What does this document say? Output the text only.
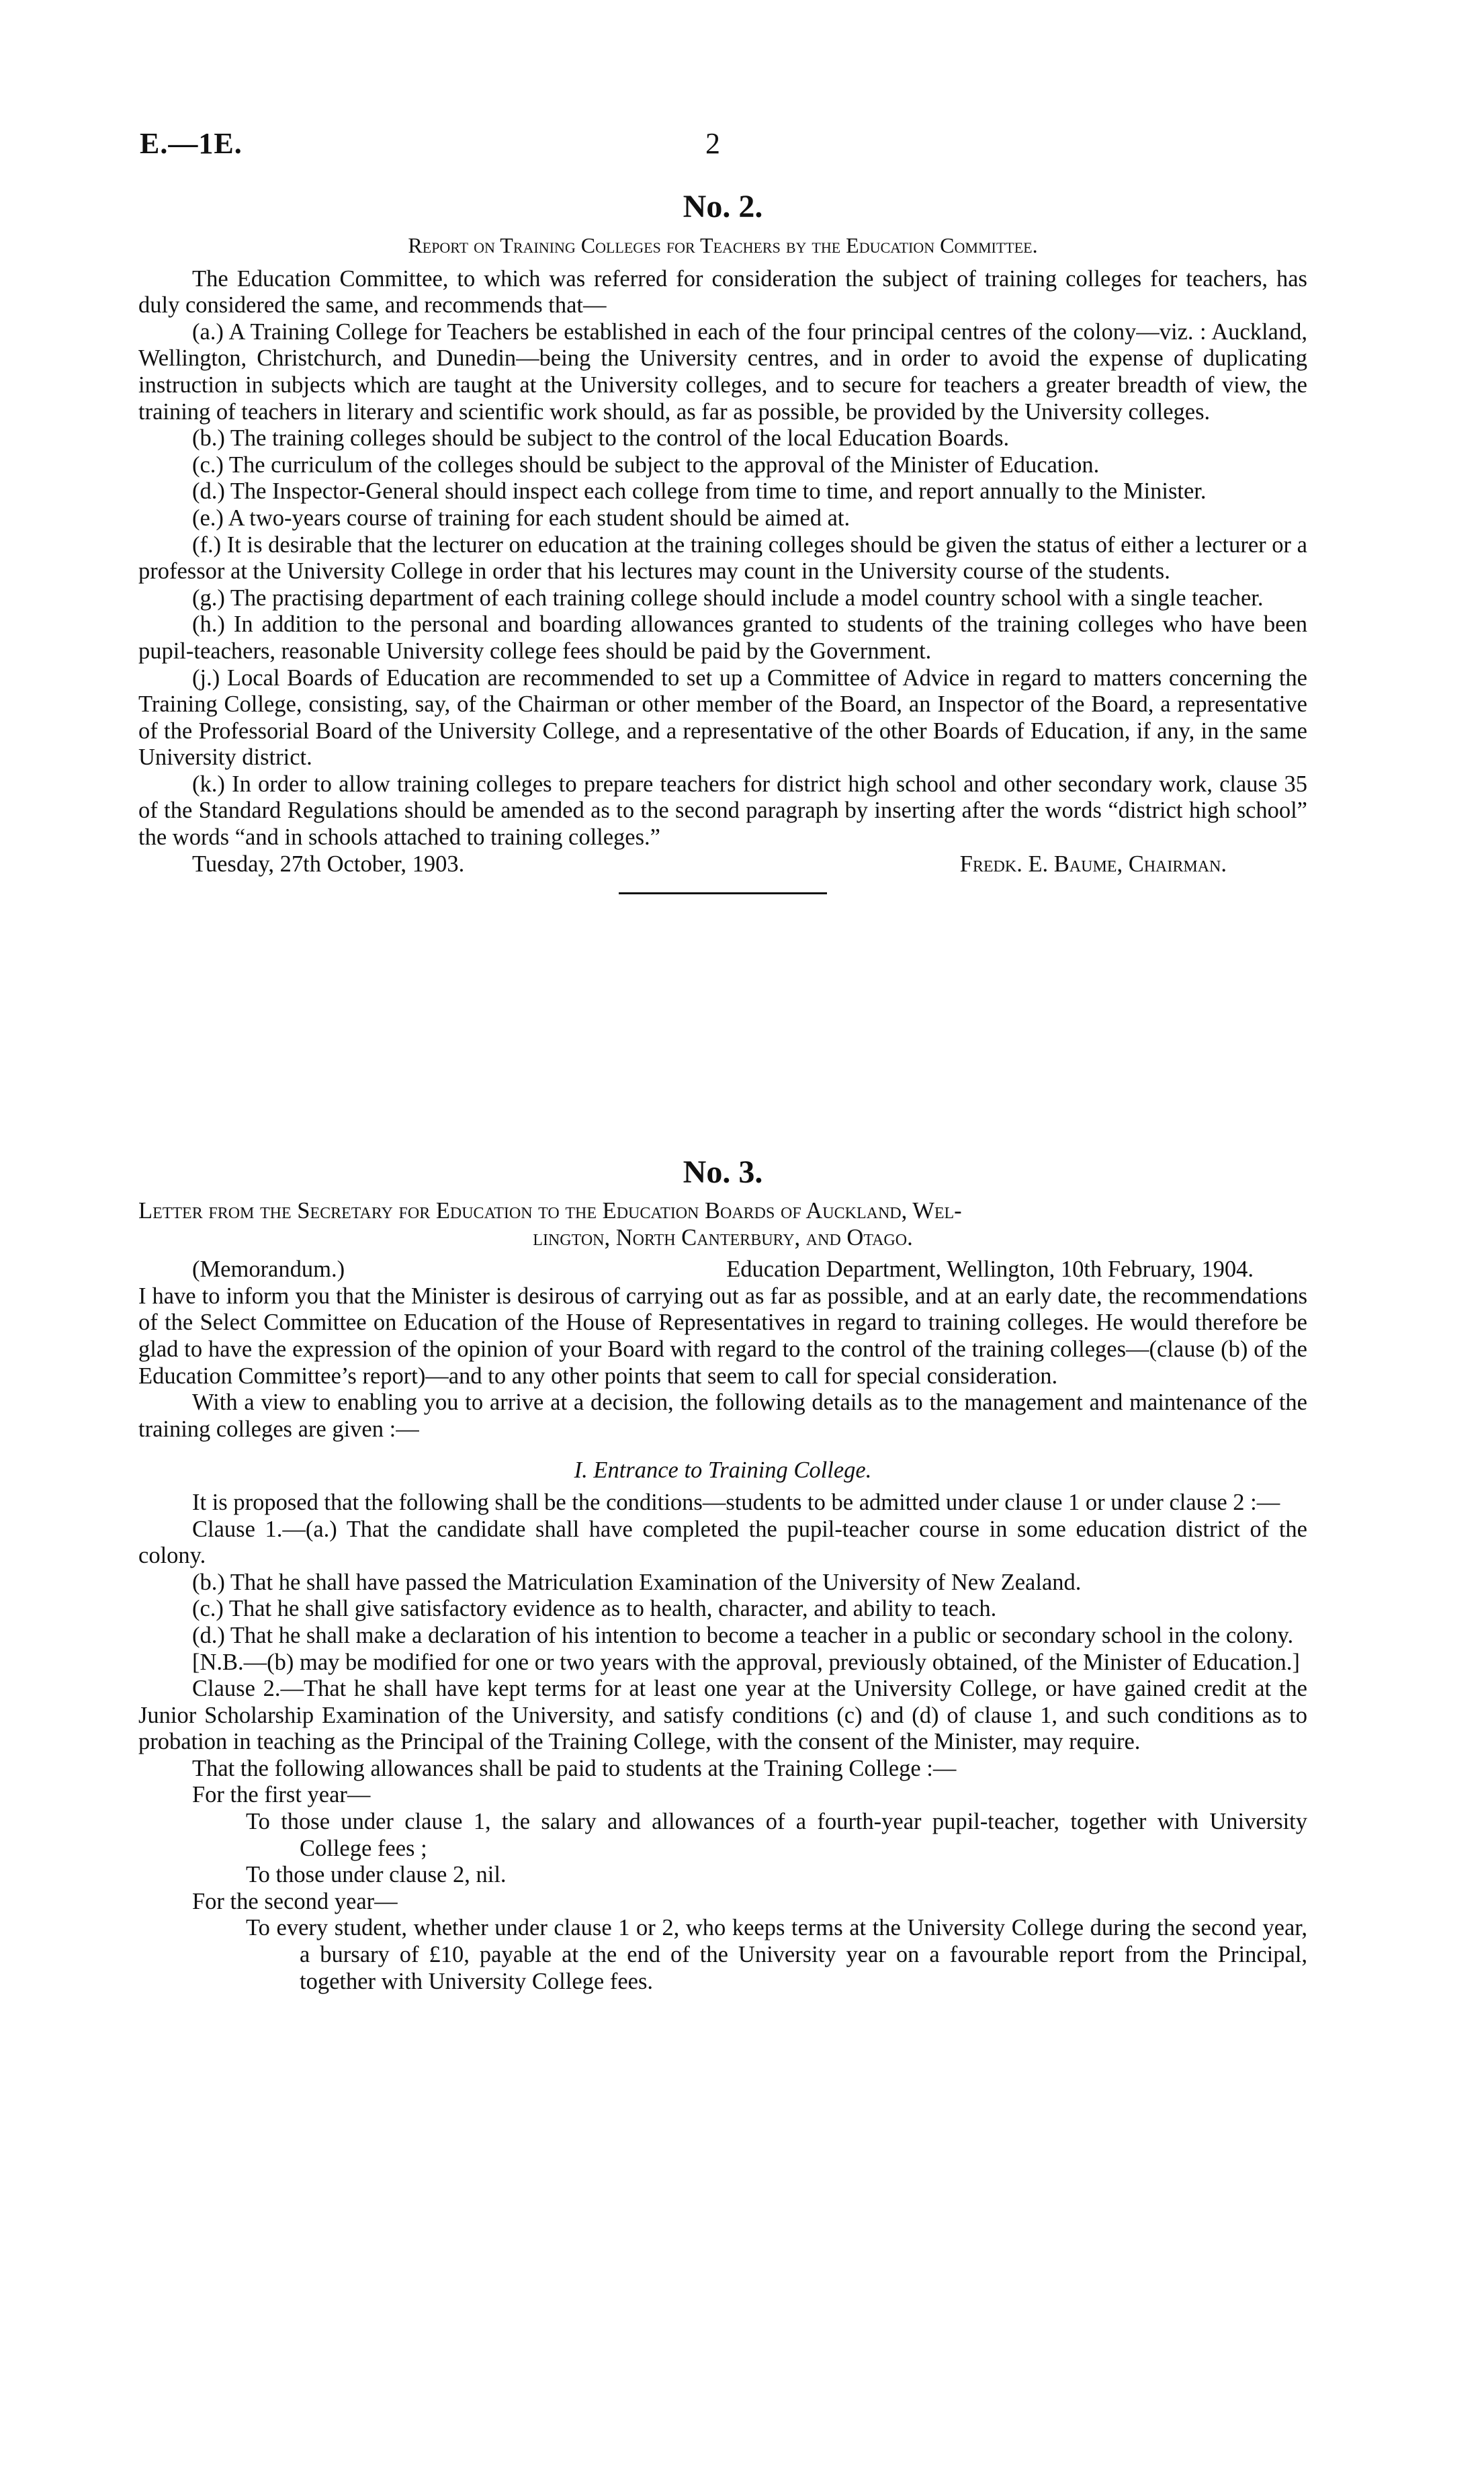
E.—1E.	2
No. 2.

Report on Training Colleges for Teachers by the Education Committee.

The Education Committee, to which was referred for consideration the subject of training colleges for teachers, has duly considered the same, and recommends that—

(a.) A Training College for Teachers be established in each of the four principal centres of the colony—viz. : Auckland, Wellington, Christchurch, and Dunedin—being the University centres, and in order to avoid the expense of duplicating instruction in subjects which are taught at the University colleges, and to secure for teachers a greater breadth of view, the training of teachers in literary and scientific work should, as far as possible, be provided by the University colleges.

(b.) The training colleges should be subject to the control of the local Education Boards.

(c.) The curriculum of the colleges should be subject to the approval of the Minister of Education.

(d.) The Inspector-General should inspect each college from time to time, and report annually to the Minister.

(e.) A two-years course of training for each student should be aimed at.

(f.) It is desirable that the lecturer on education at the training colleges should be given the status of either a lecturer or a professor at the University College in order that his lectures may count in the University course of the students.

(g.) The practising department of each training college should include a model country school with a single teacher.

(h.) In addition to the personal and boarding allowances granted to students of the training colleges who have been pupil-teachers, reasonable University college fees should be paid by the Government.

(j.) Local Boards of Education are recommended to set up a Committee of Advice in regard to matters concerning the Training College, consisting, say, of the Chairman or other member of the Board, an Inspector of the Board, a representative of the Professorial Board of the University College, and a representative of the other Boards of Education, if any, in the same University district.

(k.) In order to allow training colleges to prepare teachers for district high school and other secondary work, clause 35 of the Standard Regulations should be amended as to the second paragraph by inserting after the words “district high school” the words “and in schools attached to training colleges.”

Tuesday, 27th October, 1903.	Fredk. E. Baume, Chairman.

No. 3.

Letter from the Secretary for Education to the Education Boards of Auckland, Wel-

lington, North Canterbury, and Otago.

(Memorandum.)	Education Department, Wellington, 10th February, 1904.

I have to inform you that the Minister is desirous of carrying out as far as possible, and at an early date, the recommendations of the Select Committee on Education of the House of Representatives in regard to training colleges. He would therefore be glad to have the expression of the opinion of your Board with regard to the control of the training colleges—(clause (b) of the Education Committee’s report)—and to any other points that seem to call for special consideration.

With a view to enabling you to arrive at a decision, the following details as to the management and maintenance of the training colleges are given :—

I. Entrance to Training College.

It is proposed that the following shall be the conditions—students to be admitted under clause 1 or under clause 2 :—

Clause 1.—(a.) That the candidate shall have completed the pupil-teacher course in some education district of the colony.

(b.) That he shall have passed the Matriculation Examination of the University of New Zealand.

(c.) That he shall give satisfactory evidence as to health, character, and ability to teach.

(d.) That he shall make a declaration of his intention to become a teacher in a public or secondary school in the colony.

[N.B.—(b) may be modified for one or two years with the approval, previously obtained, of the Minister of Education.]

Clause 2.—That he shall have kept terms for at least one year at the University College, or have gained credit at the Junior Scholarship Examination of the University, and satisfy conditions (c) and (d) of clause 1, and such conditions as to probation in teaching as the Principal of the Training College, with the consent of the Minister, may require.

That the following allowances shall be paid to students at the Training College :—

For the first year—

To those under clause 1, the salary and allowances of a fourth-year pupil-teacher, together with University College fees ;

To those under clause 2, nil.

For the second year—

To every student, whether under clause 1 or 2, who keeps terms at the University College during the second year, a bursary of £10, payable at the end of the University year on a favourable report from the Principal, together with University College fees.
